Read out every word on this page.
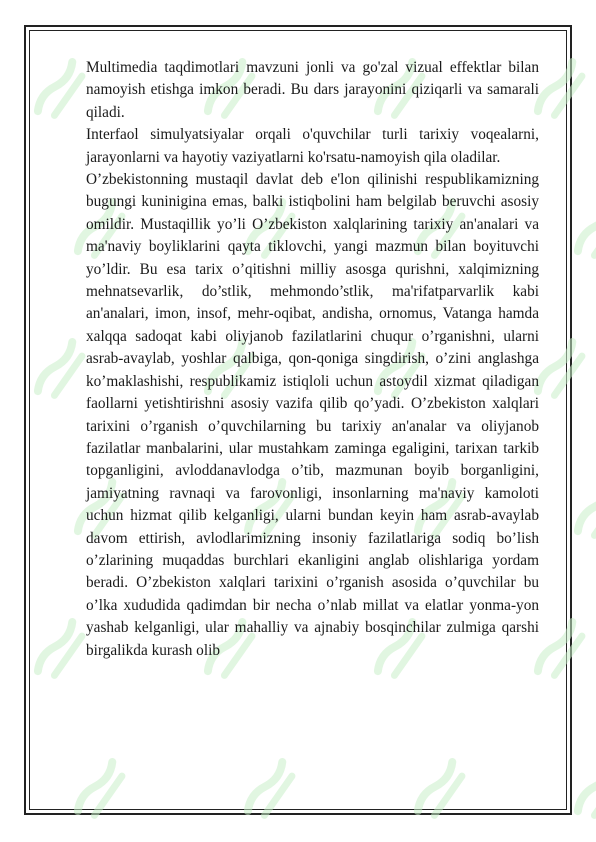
Multimedia taqdimotlari mavzuni jonli va go'zal vizual effektlar bilan namoyish etishga imkon beradi. Bu dars jarayonini qiziqarli va samarali qiladi.

Interfaol simulyatsiyalar orqali o'quvchilar turli tarixiy voqealarni, jarayonlarni va hayotiy vaziyatlarni ko'rsatu-namoyish qila oladilar.

O’zbekistonning mustaqil davlat deb e'lon qilinishi respublikamizning bugungi kuninigina emas, balki istiqbolini ham belgilab beruvchi asosiy omildir. Mustaqillik yo’li O’zbekiston xalqlarining tarixiy an'analari va ma'naviy boyliklarini qayta tiklovchi, yangi mazmun bilan boyituvchi yo’ldir. Bu esa tarix o’qitishni milliy asosga qurishni, xalqimizning mehnatsevarlik, do’stlik, mehmondo’stlik, ma'rifatparvarlik kabi an'analari, imon, insof, mehr-oqibat, andisha, ornomus, Vatanga hamda xalqqa sadoqat kabi oliyjanob fazilatlarini chuqur o’rganishni, ularni asrab-avaylab, yoshlar qalbiga, qon-qoniga singdirish, o’zini anglashga ko’maklashishi, respublikamiz istiqloli uchun astoydil xizmat qiladigan faollarni yetishtirishni asosiy vazifa qilib qo’yadi. O’zbekiston xalqlari tarixini o’rganish o’quvchilarning bu tarixiy an'analar va oliyjanob fazilatlar manbalarini, ular mustahkam zaminga egaligini, tarixan tarkib topganligini, avloddanavlodga o’tib, mazmunan boyib borganligini, jamiyatning ravnaqi va farovonligi, insonlarning ma'naviy kamoloti uchun hizmat qilib kelganligi, ularni bundan keyin ham asrab-avaylab davom ettirish, avlodlarimizning insoniy fazilatlariga sodiq bo’lish o’zlarining muqaddas burchlari ekanligini anglab olishlariga yordam beradi. O’zbekiston xalqlari tarixini o’rganish asosida o’quvchilar bu o’lka xududida qadimdan bir necha o’nlab millat va elatlar yonma-yon yashab kelganligi, ular mahalliy va ajnabiy bosqinchilar zulmiga qarshi birgalikda kurash olib
